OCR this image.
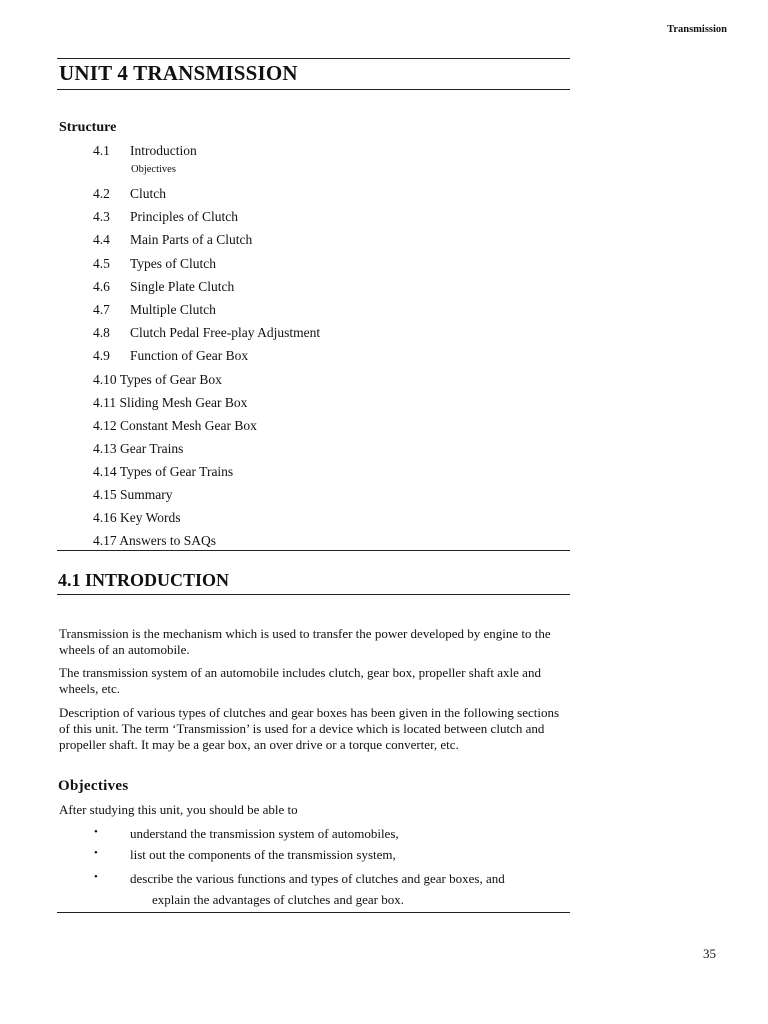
Transmission
UNIT 4 TRANSMISSION
Structure
4.1 Introduction
Objectives
4.2 Clutch
4.3 Principles of Clutch
4.4 Main Parts of a Clutch
4.5 Types of Clutch
4.6 Single Plate Clutch
4.7 Multiple Clutch
4.8 Clutch Pedal Free-play Adjustment
4.9 Function of Gear Box
4.10 Types of Gear Box
4.11 Sliding Mesh Gear Box
4.12 Constant Mesh Gear Box
4.13 Gear Trains
4.14 Types of Gear Trains
4.15 Summary
4.16 Key Words
4.17 Answers to SAQs
4.1 INTRODUCTION

Transmission is the mechanism which is used to transfer the power developed by engine to the wheels of an automobile.

The transmission system of an automobile includes clutch, gear box, propeller shaft axle and wheels, etc.

Description of various types of clutches and gear boxes has been given in the following sections of this unit. The term ‘Transmission’ is used for a device which is located between clutch and propeller shaft. It may be a gear box, an over drive or a torque converter, etc.

Objectives

After studying this unit, you should be able to

• understand the transmission system of automobiles,
• list out the components of the transmission system,
• describe the various functions and types of clutches and gear boxes, and
explain the advantages of clutches and gear box.
35
